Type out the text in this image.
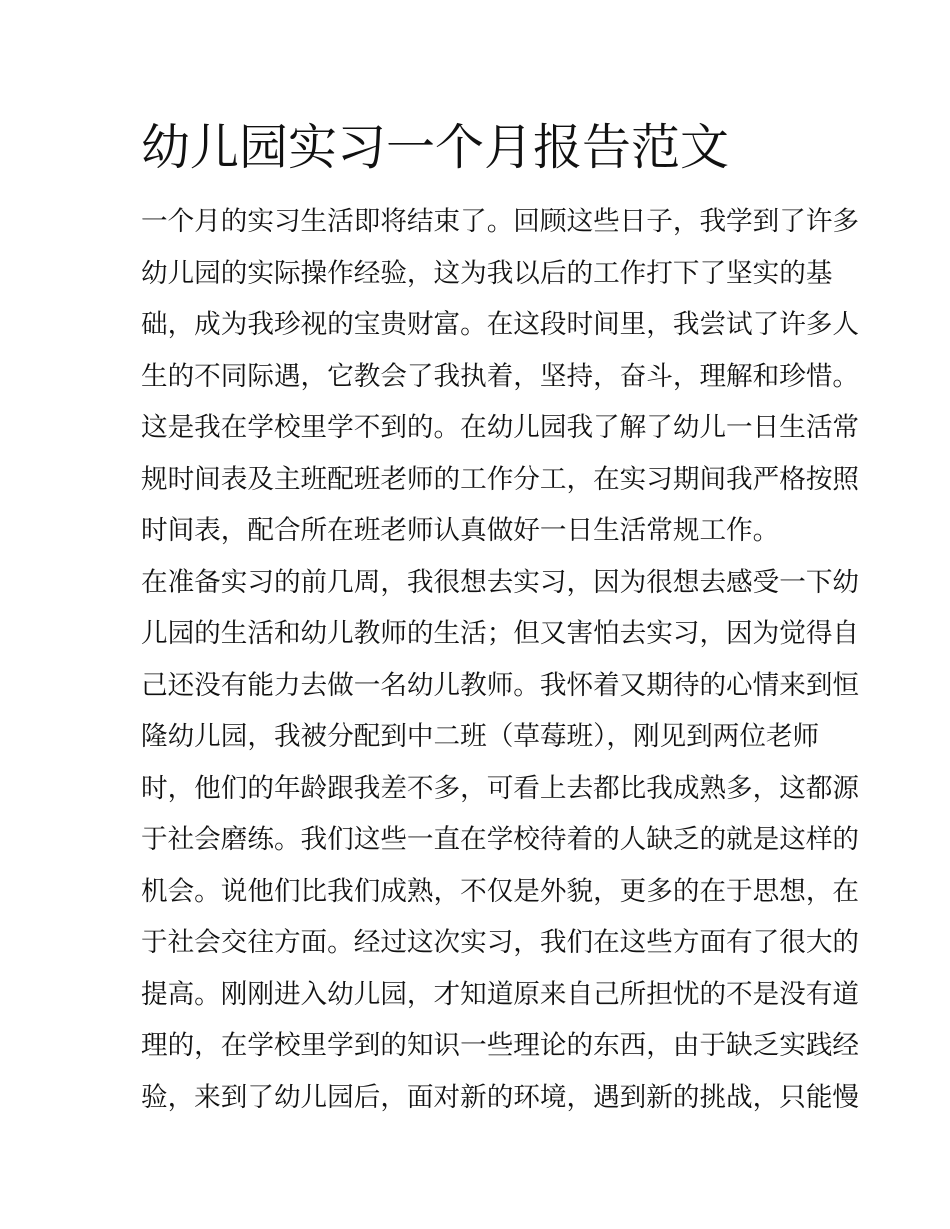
幼儿园实习一个月报告范文
一个月的实习生活即将结束了。回顾这些日子，我学到了许多
幼儿园的实际操作经验，这为我以后的工作打下了坚实的基
础，成为我珍视的宝贵财富。在这段时间里，我尝试了许多人
生的不同际遇，它教会了我执着，坚持，奋斗，理解和珍惜。
这是我在学校里学不到的。在幼儿园我了解了幼儿一日生活常
规时间表及主班配班老师的工作分工，在实习期间我严格按照
时间表，配合所在班老师认真做好一日生活常规工作。
在准备实习的前几周，我很想去实习，因为很想去感受一下幼
儿园的生活和幼儿教师的生活；但又害怕去实习，因为觉得自
己还没有能力去做一名幼儿教师。我怀着又期待的心情来到恒
隆幼儿园，我被分配到中二班（草莓班），刚见到两位老师
时，他们的年龄跟我差不多，可看上去都比我成熟多，这都源
于社会磨练。我们这些一直在学校待着的人缺乏的就是这样的
机会。说他们比我们成熟，不仅是外貌，更多的在于思想，在
于社会交往方面。经过这次实习，我们在这些方面有了很大的
提高。刚刚进入幼儿园，才知道原来自己所担忧的不是没有道
理的，在学校里学到的知识一些理论的东西，由于缺乏实践经
验，来到了幼儿园后，面对新的环境，遇到新的挑战，只能慢
